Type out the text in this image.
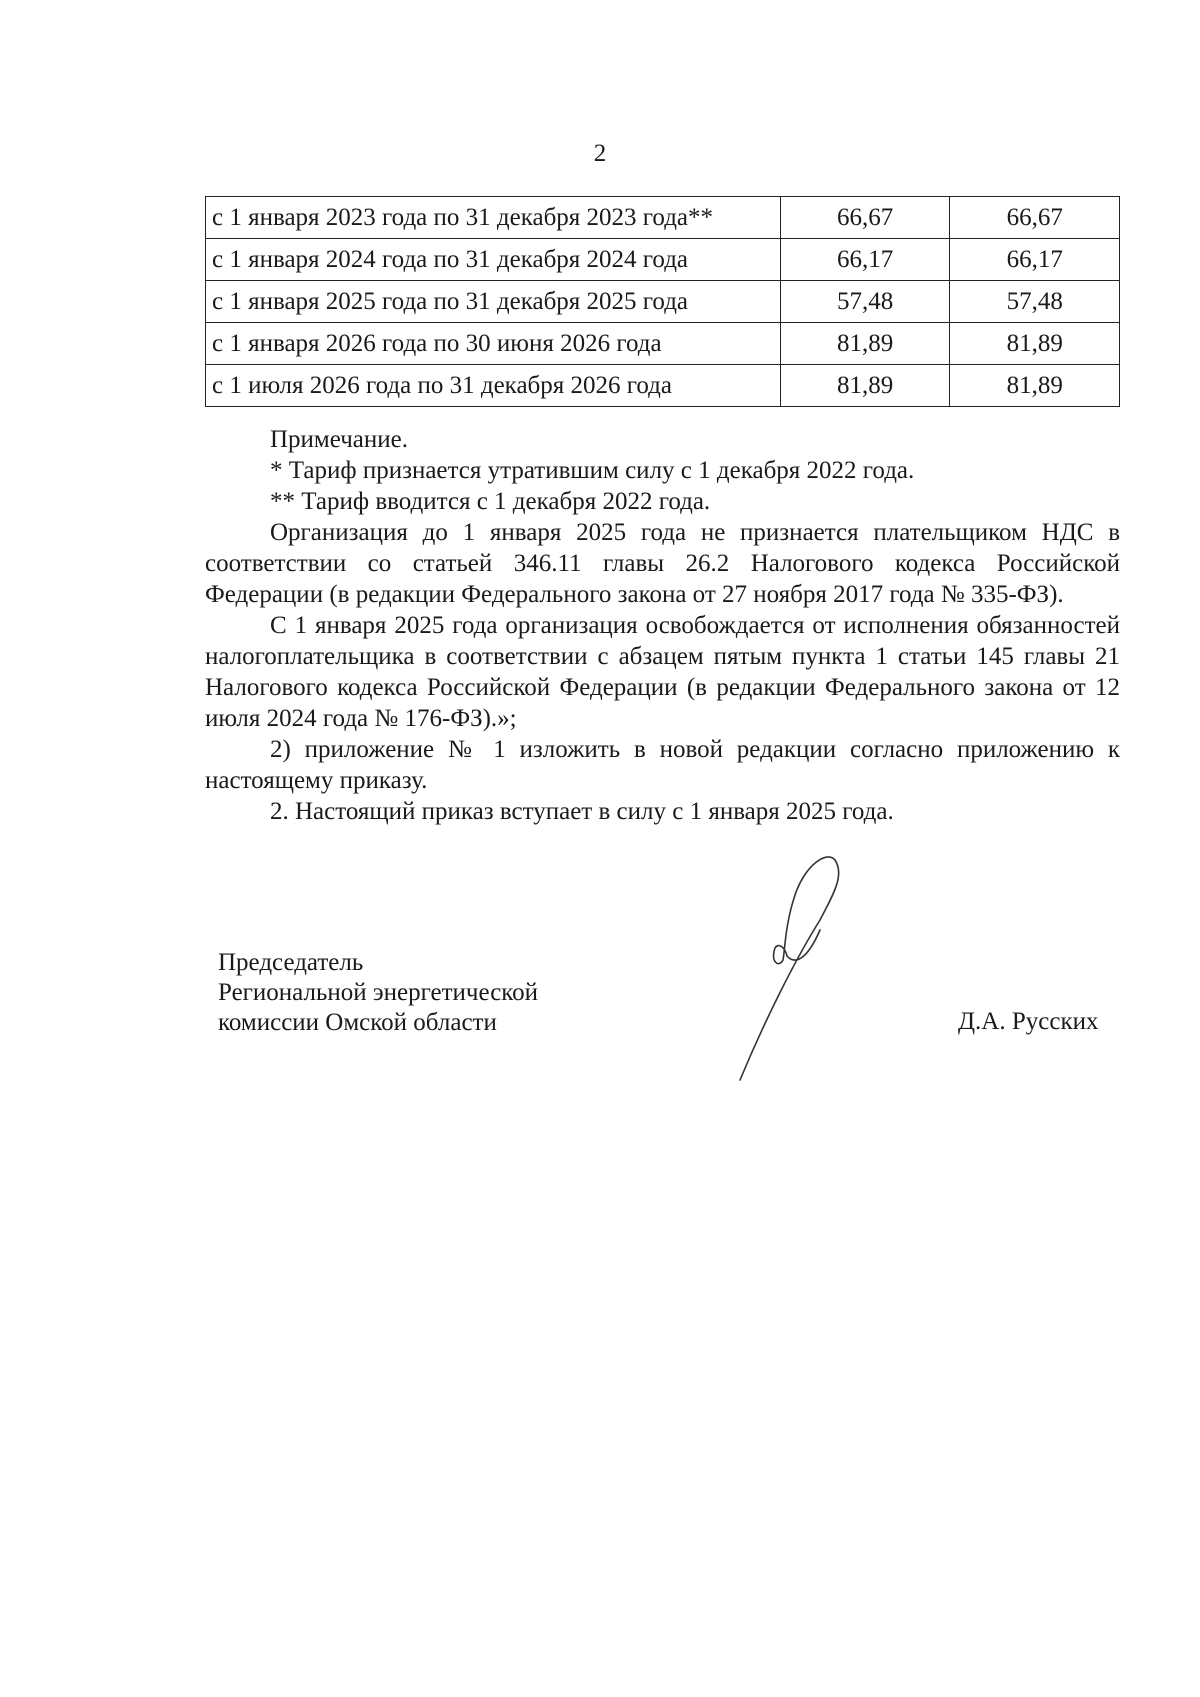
2
с 1 января 2023 года по 31 декабря 2023 года**	66,67	66,67
с 1 января 2024 года по 31 декабря 2024 года	66,17	66,17
с 1 января 2025 года по 31 декабря 2025 года	57,48	57,48
с 1 января 2026 года по 30 июня 2026 года	81,89	81,89
с 1 июля 2026 года по 31 декабря 2026 года	81,89	81,89

Примечание.

* Тариф признается утратившим силу с 1 декабря 2022 года.

** Тариф вводится с 1 декабря 2022 года.

Организация до 1 января 2025 года не признается плательщиком НДС в соответствии со статьей 346.11 главы 26.2 Налогового кодекса Российской Федерации (в редакции Федерального закона от 27 ноября 2017 года № 335-ФЗ).

С 1 января 2025 года организация освобождается от исполнения обязанностей налогоплательщика в соответствии с абзацем пятым пункта 1 статьи 145 главы 21 Налогового кодекса Российской Федерации (в редакции Федерального закона от 12 июля 2024 года № 176-ФЗ).»;

2) приложение № 1 изложить в новой редакции согласно приложению к настоящему приказу.

2. Настоящий приказ вступает в силу с 1 января 2025 года.

Председатель
Региональной энергетической
комиссии Омской области	Д.А. Русских
